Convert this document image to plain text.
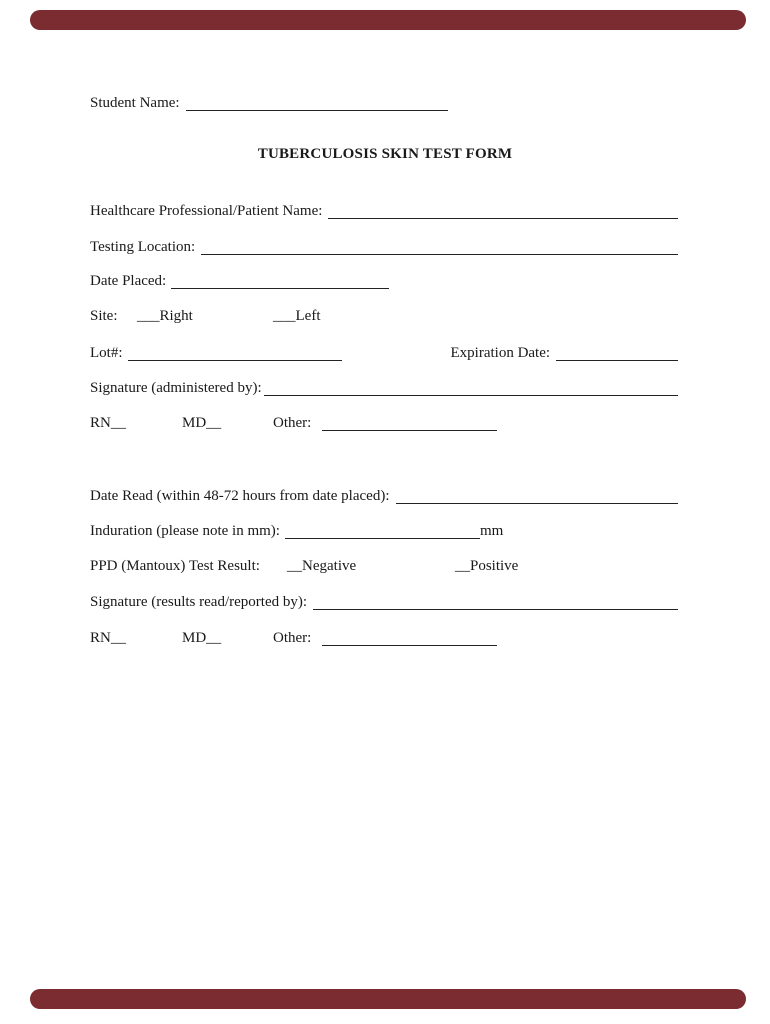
Student Name:
TUBERCULOSIS SKIN TEST FORM
Healthcare Professional/Patient Name:
Testing Location:
Date Placed:
Site: ___Right	___Left
Lot#:	Expiration Date:
Signature (administered by):
RN__	MD__	Other:
Date Read (within 48-72 hours from date placed):
Induration (please note in mm):	mm
PPD (Mantoux) Test Result: __Negative	__Positive
Signature (results read/reported by):
RN__	MD__	Other:
